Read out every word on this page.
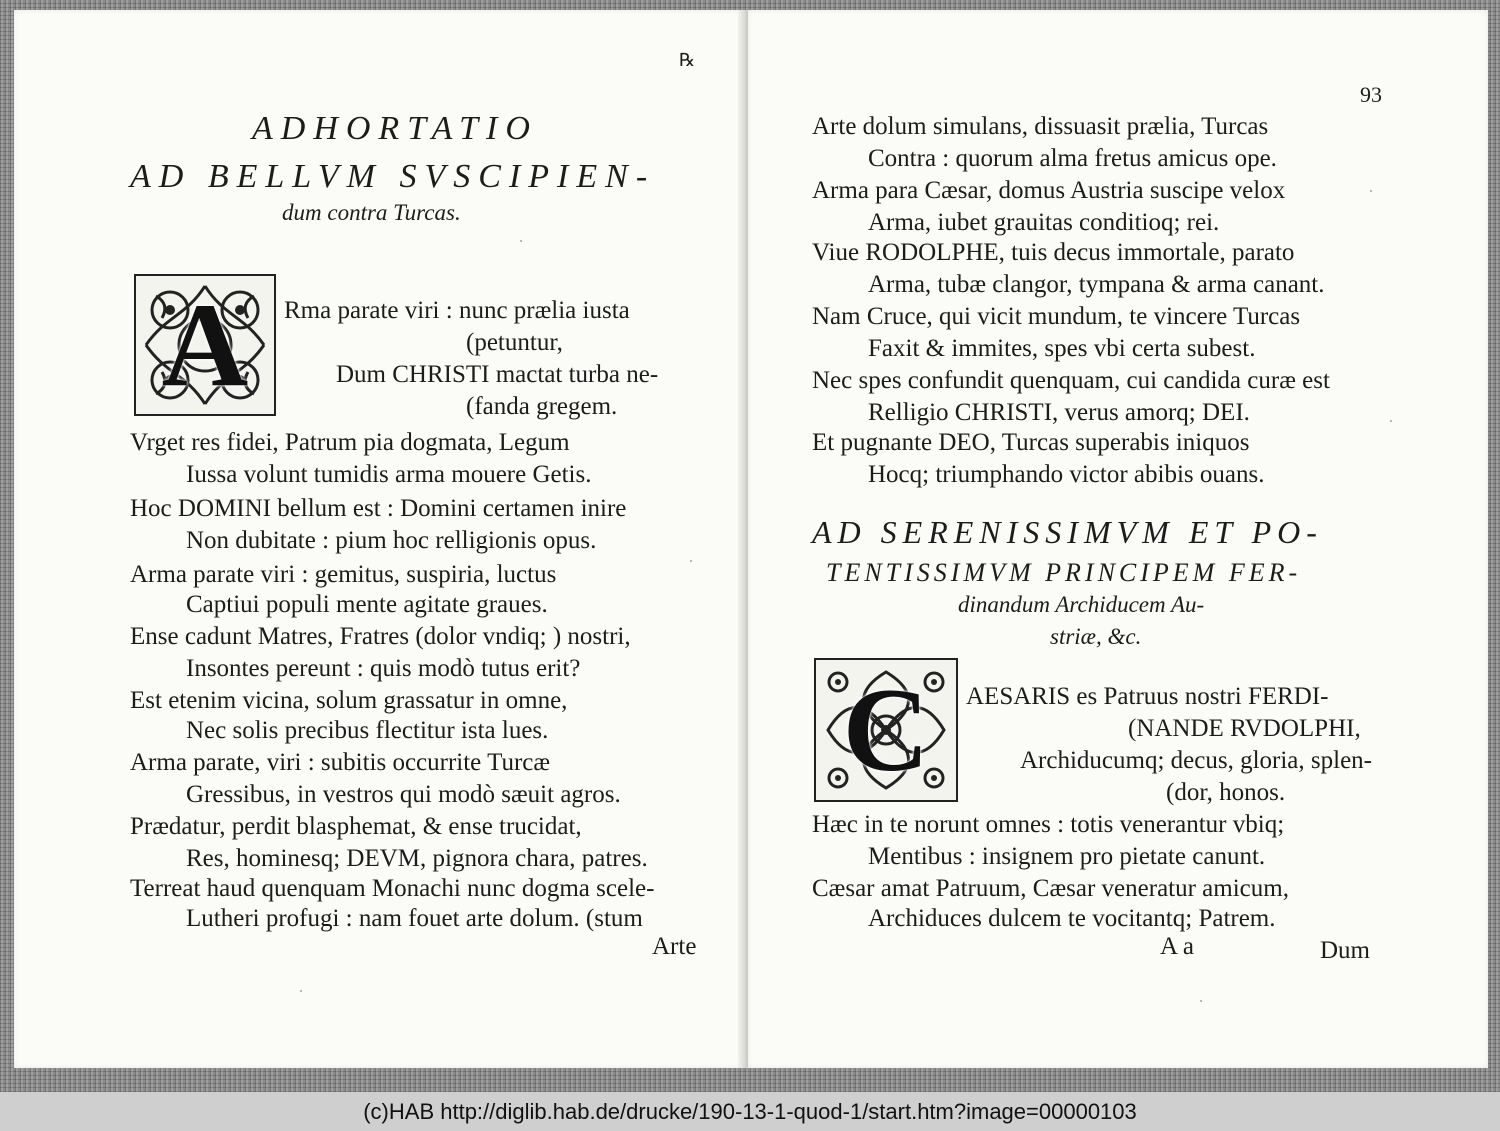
℞
ADHORTATIO
AD BELLVM SVSCIPIEN-
dum contra Turcas.
A	Rma parate viri : nunc prælia iusta
(petuntur,
Dum CHRISTI mactat turba ne-
(fanda gregem.
Vrget res fidei, Patrum pia dogmata, Legum
Iussa volunt tumidis arma mouere Getis.
Hoc DOMINI bellum est : Domini certamen inire
Non dubitate : pium hoc relligionis opus.
Arma parate viri : gemitus, suspiria, luctus
Captiui populi mente agitate graues.
Ense cadunt Matres, Fratres (dolor vndiq; ) nostri,
Insontes pereunt : quis modò tutus erit?
Est etenim vicina, solum grassatur in omne,
Nec solis precibus flectitur ista lues.
Arma parate, viri : subitis occurrite Turcæ
Gressibus, in vestros qui modò sæuit agros.
Prædatur, perdit blasphemat, & ense trucidat,
Res, hominesq; DEVM, pignora chara, patres.
Terreat haud quenquam Monachi nunc dogma scele-
Lutheri profugi : nam fouet arte dolum. (stum
Arte
93
Arte dolum simulans, dissuasit prælia, Turcas
Contra : quorum alma fretus amicus ope.
Arma para Cæsar, domus Austria suscipe velox
Arma, iubet grauitas conditioq; rei.
Viue RODOLPHE, tuis decus immortale, parato
Arma, tubæ clangor, tympana & arma canant.
Nam Cruce, qui vicit mundum, te vincere Turcas
Faxit & immites, spes vbi certa subest.
Nec spes confundit quenquam, cui candida curæ est
Relligio CHRISTI, verus amorq; DEI.
Et pugnante DEO, Turcas superabis iniquos
Hocq; triumphando victor abibis ouans.
AD SERENISSIMVM ET PO-
TENTISSIMVM PRINCIPEM FER-
dinandum Archiducem Au-
striæ, &c.
C	AESARIS es Patruus nostri FERDI-
(NANDE RVDOLPHI,
Archiducumq; decus, gloria, splen-
(dor, honos.
Hæc in te norunt omnes : totis venerantur vbiq;
Mentibus : insignem pro pietate canunt.
Cæsar amat Patruum, Cæsar veneratur amicum,
Archiduces dulcem te vocitantq; Patrem.
A a	Dum
(c)HAB http://diglib.hab.de/drucke/190-13-1-quod-1/start.htm?image=00000103
